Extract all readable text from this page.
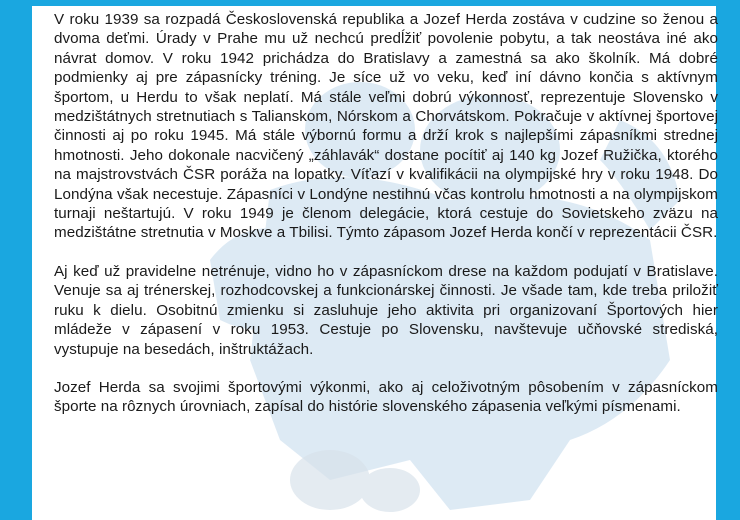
V roku 1939 sa rozpadá Československá republika a Jozef Herda zostáva v cudzine so ženou a dvoma deťmi. Úrady v Prahe mu už nechcú predĺžiť povolenie pobytu, a tak neostáva iné ako návrat domov. V roku 1942 prichádza do Bratislavy a zamestná sa ako školník. Má dobré podmienky aj pre zápasnícky tréning. Je síce už vo veku, keď iní dávno končia s aktívnym športom, u Herdu to však neplatí. Má stále veľmi dobrú výkonnosť, reprezentuje Slovensko v medzištátnych stretnutiach s Talianskom, Nórskom a Chorvátskom. Pokračuje v aktívnej športovej činnosti aj po roku 1945. Má stále výbornú formu a drží krok s najlepšími zápasníkmi strednej hmotnosti. Jeho dokonale nacvičený „záhlavák“ dostane pocítiť aj 140 kg Jozef Ružička, ktorého na majstrovstvách ČSR poráža na lopatky. Víťazí v kvalifikácii na olympijské hry v roku 1948. Do Londýna však necestuje. Zápasníci v Londýne nestihnú včas kontrolu hmotnosti a na olympijskom turnaji neštartujú. V roku 1949 je členom delegácie, ktorá cestuje do Sovietskeho zväzu na medzištátne stretnutia v Moskve a Tbilisi. Týmto zápasom Jozef Herda končí v reprezentácii ČSR.

Aj keď už pravidelne netrénuje, vidno ho v zápasníckom drese na každom podujatí v Bratislave. Venuje sa aj trénerskej, rozhodcovskej a funkcionárskej činnosti. Je všade tam, kde treba priložiť ruku k dielu. Osobitnú zmienku si zasluhuje jeho aktivita pri organizovaní Športových hier mládeže v zápasení v roku 1953. Cestuje po Slovensku, navštevuje učňovské strediská, vystupuje na besedách, inštruktážach.

Jozef Herda sa svojimi športovými výkonmi, ako aj celoživotným pôsobením v zápasníckom športe na rôznych úrovniach, zapísal do histórie slovenského zápasenia veľkými písmenami.
